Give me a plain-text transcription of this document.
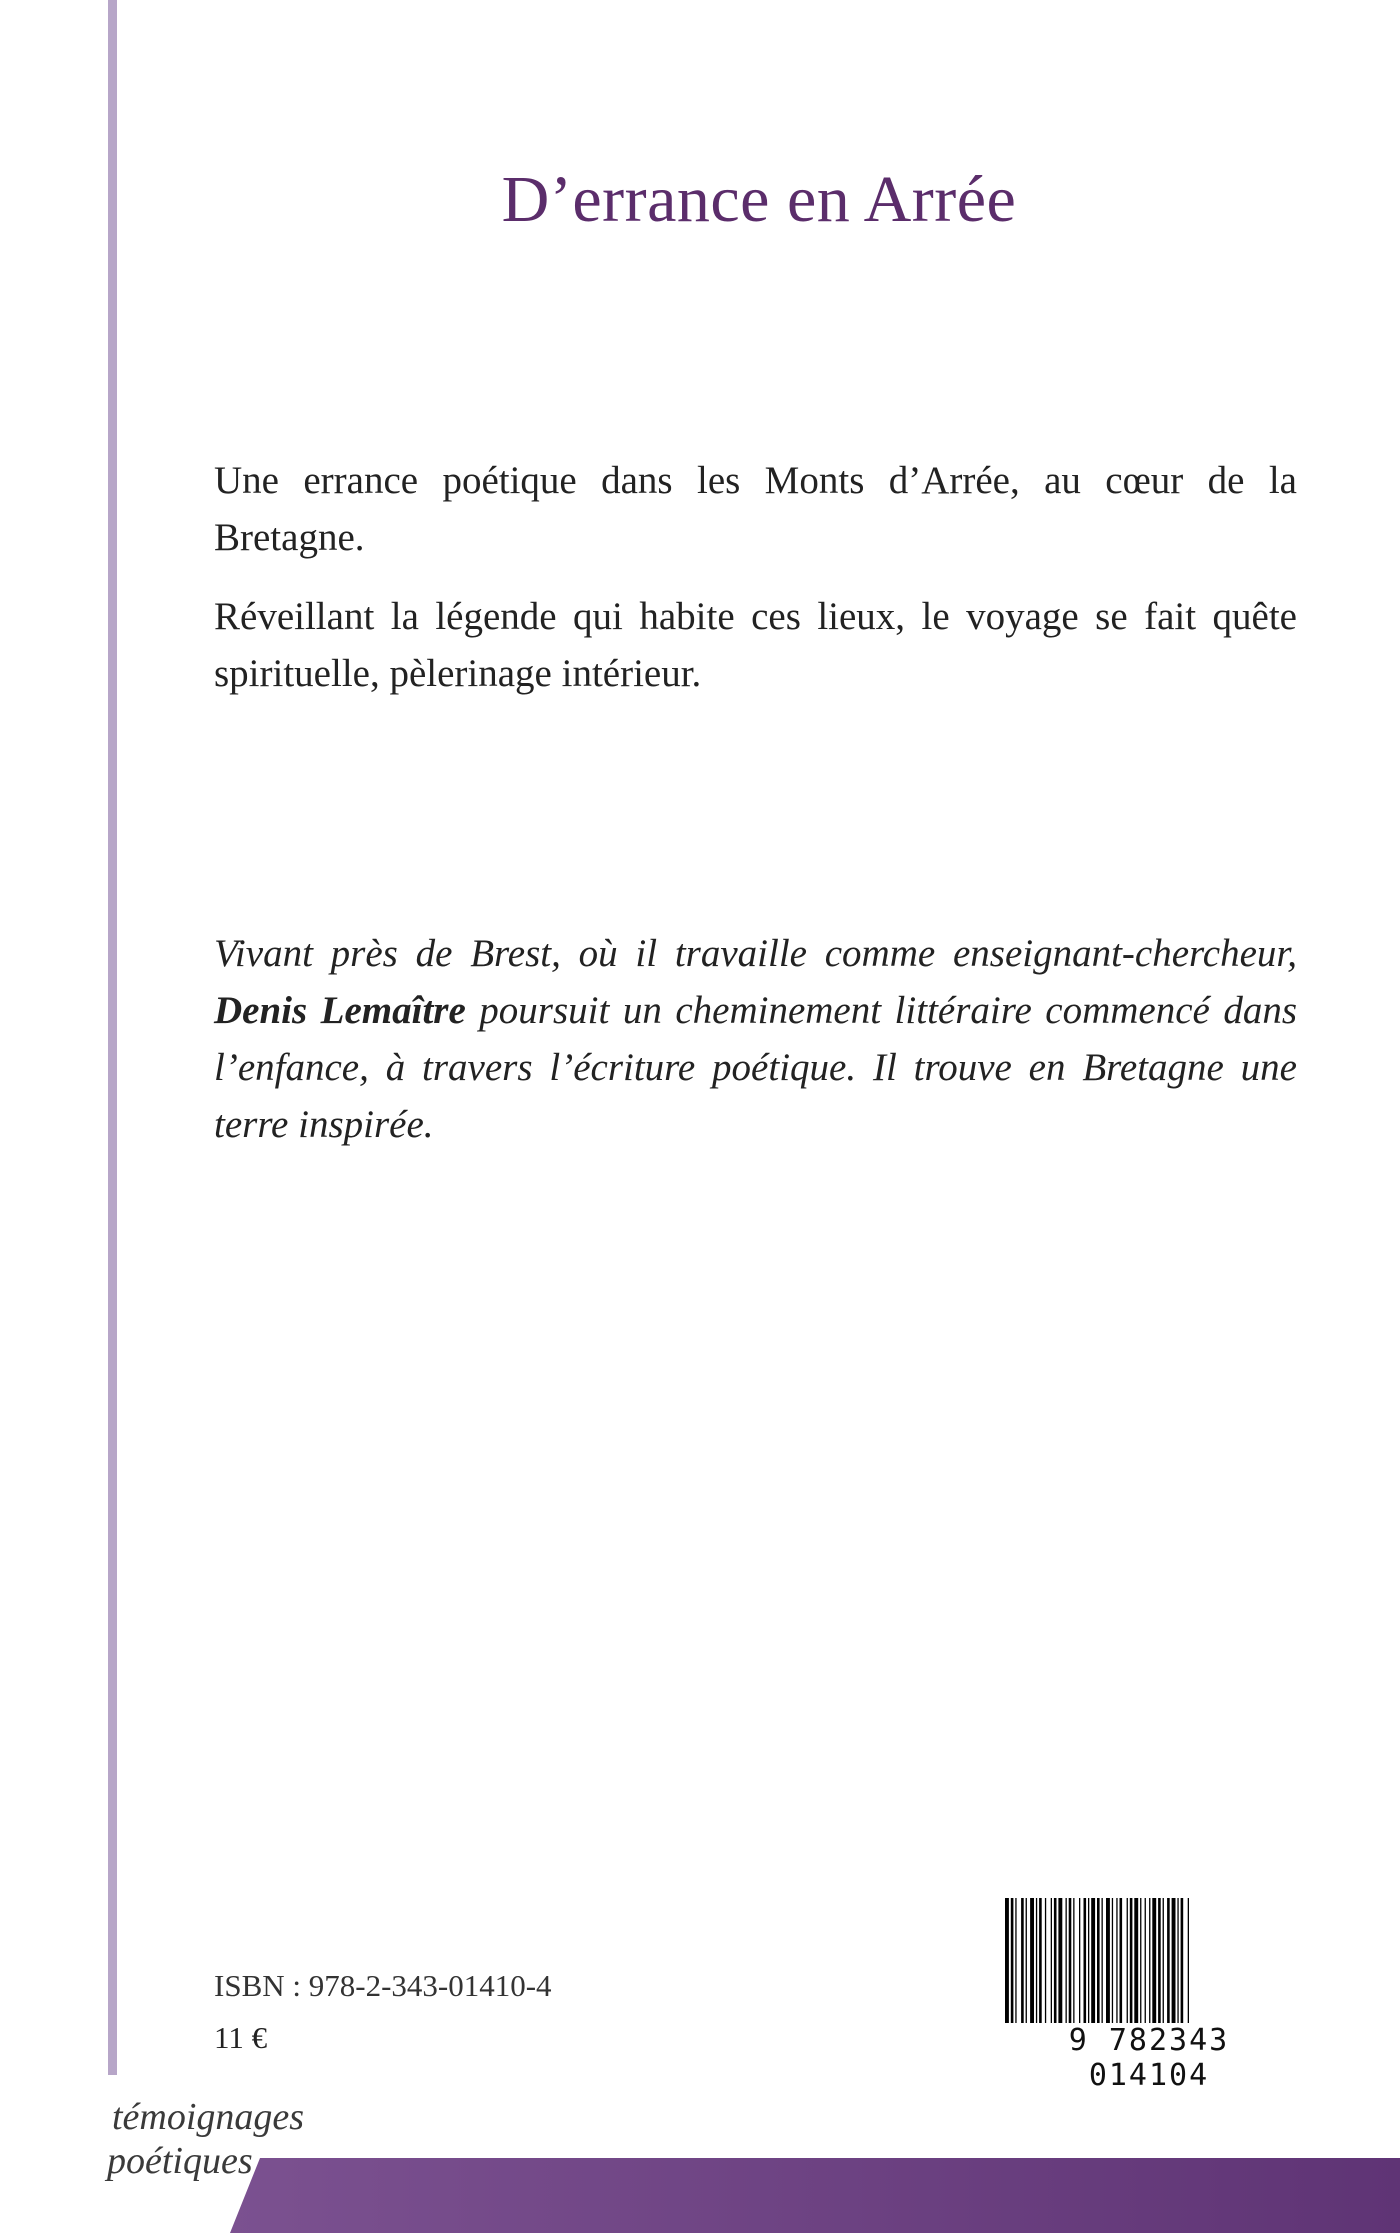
D’errance en Arrée

Une errance poétique dans les Monts d’Arrée, au cœur de la Bretagne.

Réveillant la légende qui habite ces lieux, le voyage se fait quête spirituelle, pèlerinage intérieur.

Vivant près de Brest, où il travaille comme enseignant-chercheur, Denis Lemaître poursuit un cheminement littéraire commencé dans l’enfance, à travers l’écriture poétique. Il trouve en Bretagne une terre inspirée.

ISBN : 978-2-343-01410-4
11 €	9 782343 014104
témoignages
poétiques
